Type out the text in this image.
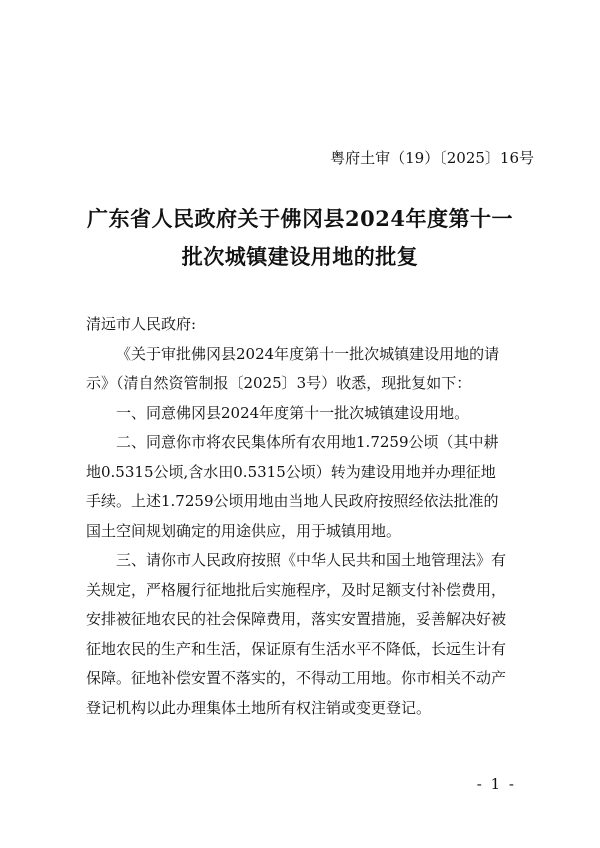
粤府土审（19）〔2025〕16号
广东省人民政府关于佛冈县2024年度第十一
批次城镇建设用地的批复
清远市人民政府:
《关于审批佛冈县2024年度第十一批次城镇建设用地的请
示》（清自然资管制报〔2025〕3号）收悉，现批复如下：
一、同意佛冈县2024年度第十一批次城镇建设用地。
二、同意你市将农民集体所有农用地1.7259公顷（其中耕
地0.5315公顷,含水田0.5315公顷）转为建设用地并办理征地
手续。上述1.7259公顷用地由当地人民政府按照经依法批准的
国土空间规划确定的用途供应，用于城镇用地。
三、请你市人民政府按照《中华人民共和国土地管理法》有
关规定，严格履行征地批后实施程序，及时足额支付补偿费用，
安排被征地农民的社会保障费用，落实安置措施，妥善解决好被
征地农民的生产和生活，保证原有生活水平不降低，长远生计有
保障。征地补偿安置不落实的，不得动工用地。你市相关不动产
登记机构以此办理集体土地所有权注销或变更登记。
- 1 -
